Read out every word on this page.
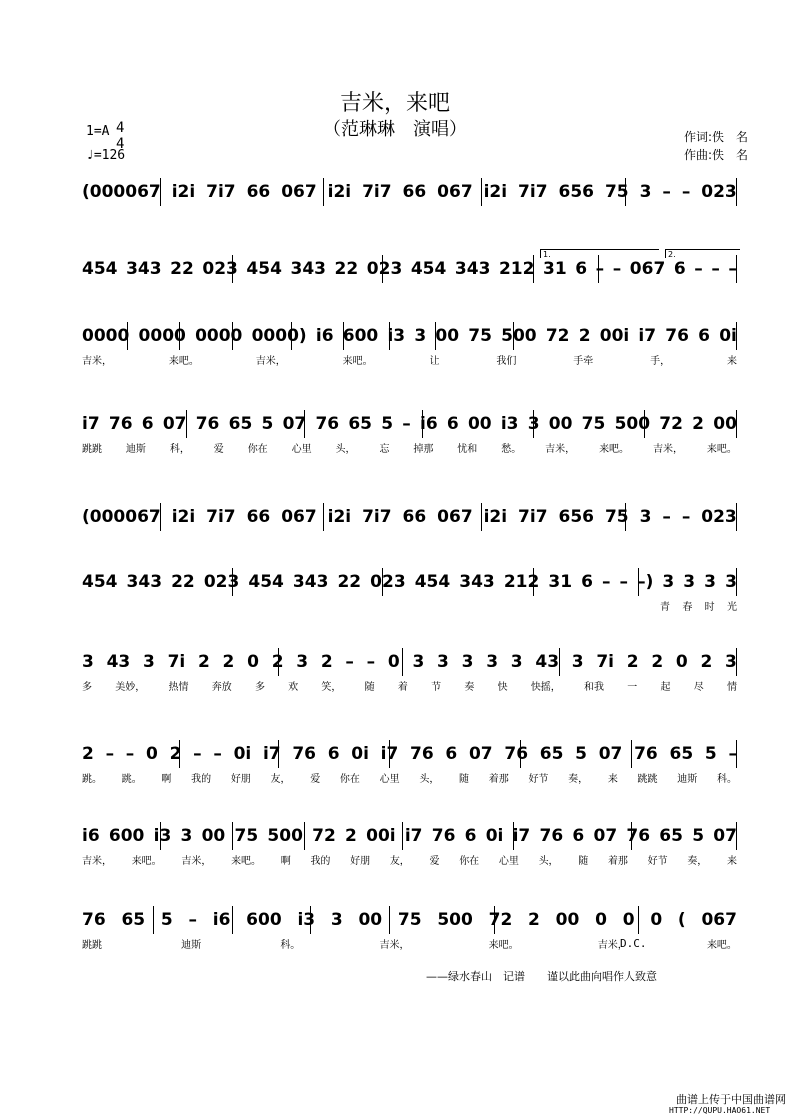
吉米，来吧
（范琳琳　演唱）
1=A 4
4
♩=126
作词:佚　名
作曲:佚　名
(000067 i2i 7i7 66 067 i2i 7i7 66 067 i2i 7i7 656 75 3 – – 023
454 343 22 023 454 343 22 023 454 343 212 31 6 – – 067 6 – – –
1.	2.
0000 0000 0000 0000) i6 600 i3 3 00 75 500 72 2 00i i7 76 6 0i
吉米，	来吧。	吉米，	来吧。	让	我们	手牵	手，	来
i7 76 6 07 76 65 5 07 76 65 5 – i6 6 00 i3 3 00 75 500 72 2 00
跳跳 迪斯 科， 爱 你在 心里 头， 忘 掉那 忧和 愁。 吉米， 来吧。 吉米， 来吧。
(000067 i2i 7i7 66 067 i2i 7i7 66 067 i2i 7i7 656 75 3 – – 023
454 343 22 023 454 343 22 023 454 343 212 31 6 – – –) 3 3 3 3
青 春 时 光
3 43 3 7i 2 2 0 2 3 2 – – 0 3 3 3 3 3 43 3 7i 2 2 0 2 3
多 美妙， 热情 奔放 多 欢 笑， 随 着 节 奏 快 快摇， 和我 一 起 尽 情
2 – – 0 2 – – 0i i7 76 6 0i i7 76 6 07 76 65 5 07 76 65 5 –
跳。 跳。 啊 我的 好朋 友， 爱 你在 心里 头， 随 着那 好节 奏， 来 跳跳 迪斯 科。
i6 600 i3 3 00 75 500 72 2 00i i7 76 6 0i i7 76 6 07 76 65 5 07
吉米， 来吧。 吉米， 来吧。 啊 我的 好朋 友， 爱 你在 心里 头， 随 着那 好节 奏， 来
76 65 5 – i6 600 i3 3 00 75 500 72 2 00 0 0 0 ( 067
跳跳	迪斯	科。	吉米，	来吧。	吉米，	来吧。
D.C.
——绿水春山　记谱　　谨以此曲向唱作人致意
曲谱上传于中国曲谱网
HTTP://QUPU.HAO61.NET
